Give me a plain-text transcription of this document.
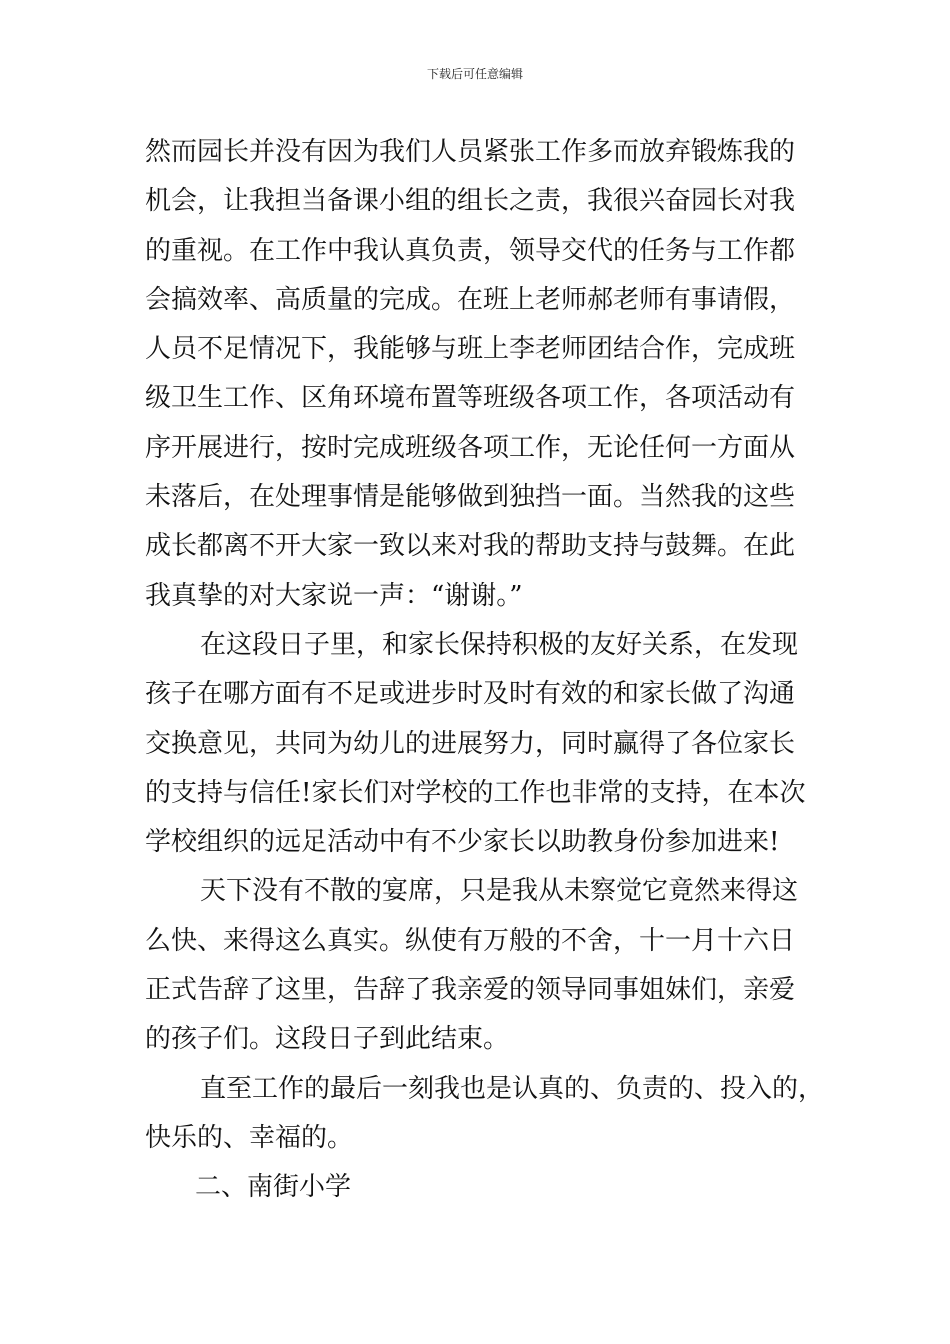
下载后可任意编辑
然而园长并没有因为我们人员紧张工作多而放弃锻炼我的
机会，让我担当备课小组的组长之责，我很兴奋园长对我
的重视。在工作中我认真负责，领导交代的任务与工作都
会搞效率、高质量的完成。在班上老师郝老师有事请假，
人员不足情况下，我能够与班上李老师团结合作，完成班
级卫生工作、区角环境布置等班级各项工作，各项活动有
序开展进行，按时完成班级各项工作，无论任何一方面从
未落后，在处理事情是能够做到独挡一面。当然我的这些
成长都离不开大家一致以来对我的帮助支持与鼓舞。在此
我真挚的对大家说一声：“谢谢。”
在这段日子里，和家长保持积极的友好关系，在发现
孩子在哪方面有不足或进步时及时有效的和家长做了沟通
交换意见，共同为幼儿的进展努力，同时赢得了各位家长
的支持与信任!家长们对学校的工作也非常的支持，在本次
学校组织的远足活动中有不少家长以助教身份参加进来!
天下没有不散的宴席，只是我从未察觉它竟然来得这
么快、来得这么真实。纵使有万般的不舍，十一月十六日
正式告辞了这里，告辞了我亲爱的领导同事姐妹们，亲爱
的孩子们。这段日子到此结束。
直至工作的最后一刻我也是认真的、负责的、投入的，
快乐的、幸福的。
二、南街小学
